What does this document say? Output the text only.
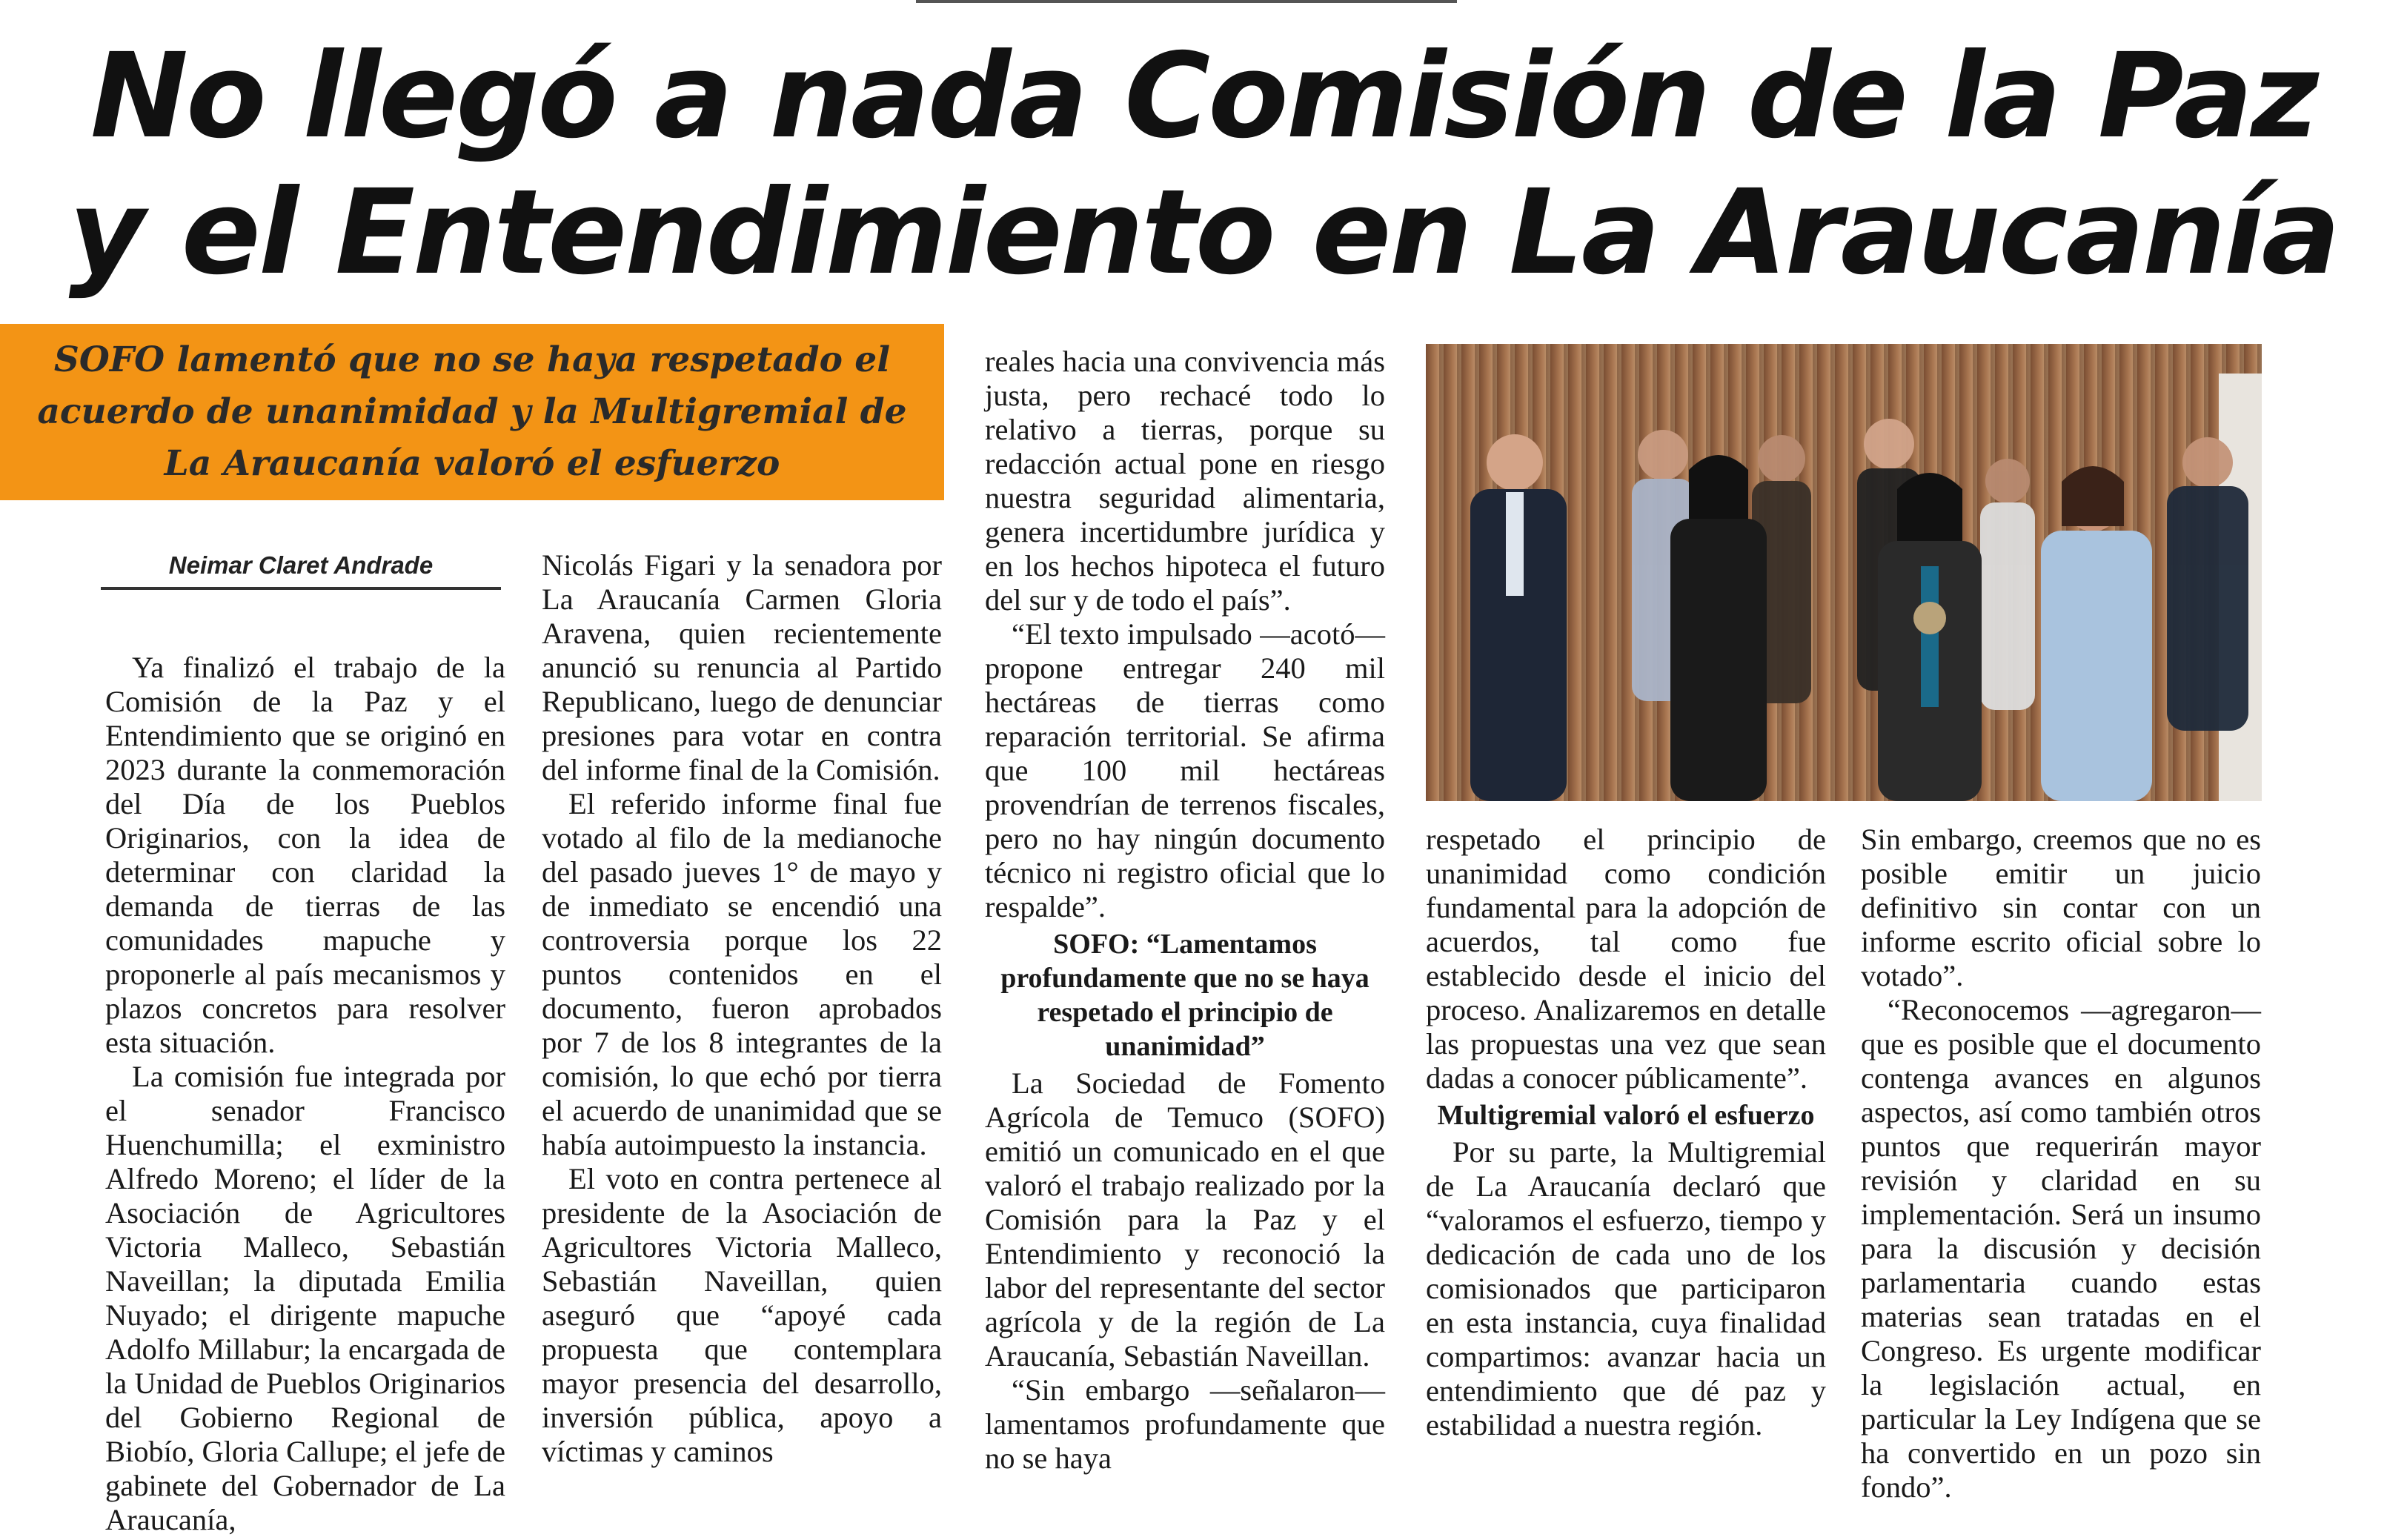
No llegó a nada Comisión de la Paz
y el Entendimiento en La Araucanía

SOFO lamentó que no se haya respetado el acuerdo de unanimidad y la Multigremial de La Araucanía valoró el esfuerzo

Neimar Claret Andrade

Ya finalizó el trabajo de la Comisión de la Paz y el Entendimiento que se originó en 2023 durante la conmemoración del Día de los Pueblos Originarios, con la idea de determinar con claridad la demanda de tierras de las comunidades mapuche y proponerle al país mecanismos y plazos concretos para resolver esta situación.

La comisión fue integrada por el senador Francisco Huenchumilla; el exministro Alfredo Moreno; el líder de la Asociación de Agricultores Victoria Malleco, Sebastián Naveillan; la diputada Emilia Nuyado; el dirigente mapuche Adolfo Millabur; la encargada de la Unidad de Pueblos Originarios del Gobierno Regional de Biobío, Gloria Callupe; el jefe de gabinete del Gobernador de La Araucanía,

Nicolás Figari y la senadora por La Araucanía Carmen Gloria Aravena, quien recientemente anunció su renuncia al Partido Republicano, luego de denunciar presiones para votar en contra del informe final de la Comisión.

El referido informe final fue votado al filo de la medianoche del pasado jueves 1° de mayo y de inmediato se encendió una controversia porque los 22 puntos contenidos en el documento, fueron aprobados por 7 de los 8 integrantes de la comisión, lo que echó por tierra el acuerdo de unanimidad que se había autoimpuesto la instancia.

El voto en contra pertenece al presidente de la Asociación de Agricultores Victoria Malleco, Sebastián Naveillan, quien aseguró que “apoyé cada propuesta que contemplara mayor presencia del desarrollo, inversión pública, apoyo a víctimas y caminos

reales hacia una convivencia más justa, pero rechacé todo lo relativo a tierras, porque su redacción actual pone en riesgo nuestra seguridad alimentaria, genera incertidumbre jurídica y en los hechos hipoteca el futuro del sur y de todo el país”.

“El texto impulsado —acotó— propone entregar 240 mil hectáreas de tierras como reparación territorial. Se afirma que 100 mil hectáreas provendrían de terrenos fiscales, pero no hay ningún documento técnico ni registro oficial que lo respalde”.

SOFO: “Lamentamos profundamente que no se haya respetado el principio de unanimidad”

La Sociedad de Fomento Agrícola de Temuco (SOFO) emitió un comunicado en el que valoró el trabajo realizado por la Comisión para la Paz y el Entendimiento y reconoció la labor del representante del sector agrícola y de la región de La Araucanía, Sebastián Naveillan.

“Sin embargo —señalaron— lamentamos profundamente que no se haya

respetado el principio de unanimidad como condición fundamental para la adopción de acuerdos, tal como fue establecido desde el inicio del proceso. Analizaremos en detalle las propuestas una vez que sean dadas a conocer públicamente”.

Multigremial valoró el esfuerzo

Por su parte, la Multigremial de La Araucanía declaró que “valoramos el esfuerzo, tiempo y dedicación de cada uno de los comisionados que participaron en esta instancia, cuya finalidad compartimos: avanzar hacia un entendimiento que dé paz y estabilidad a nuestra región.

Sin embargo, creemos que no es posible emitir un juicio definitivo sin contar con un informe escrito oficial sobre lo votado”.

“Reconocemos —agregaron— que es posible que el documento contenga avances en algunos aspectos, así como también otros puntos que requerirán mayor revisión y claridad en su implementación. Será un insumo para la discusión y decisión parlamentaria cuando estas materias sean tratadas en el Congreso. Es urgente modificar la legislación actual, en particular la Ley Indígena que se ha convertido en un pozo sin fondo”.
